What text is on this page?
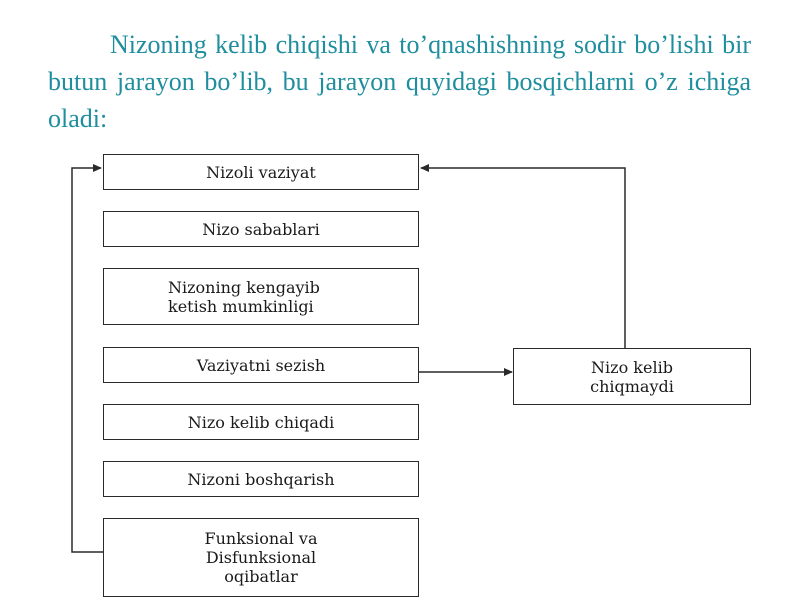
Nizoning kelib chiqishi va to’qnashishning sodir bo’lishi bir butun jarayon bo’lib, bu jarayon quyidagi bosqichlarni o’z ichiga oladi:

Nizoli vaziyat
Nizo sabablari
Nizoning kengayib
ketish mumkinligi
Vaziyatni sezish
Nizo kelib chiqadi
Nizoni boshqarish
Funksional va
Disfunksional
oqibatlar
Nizo kelib
chiqmaydi
